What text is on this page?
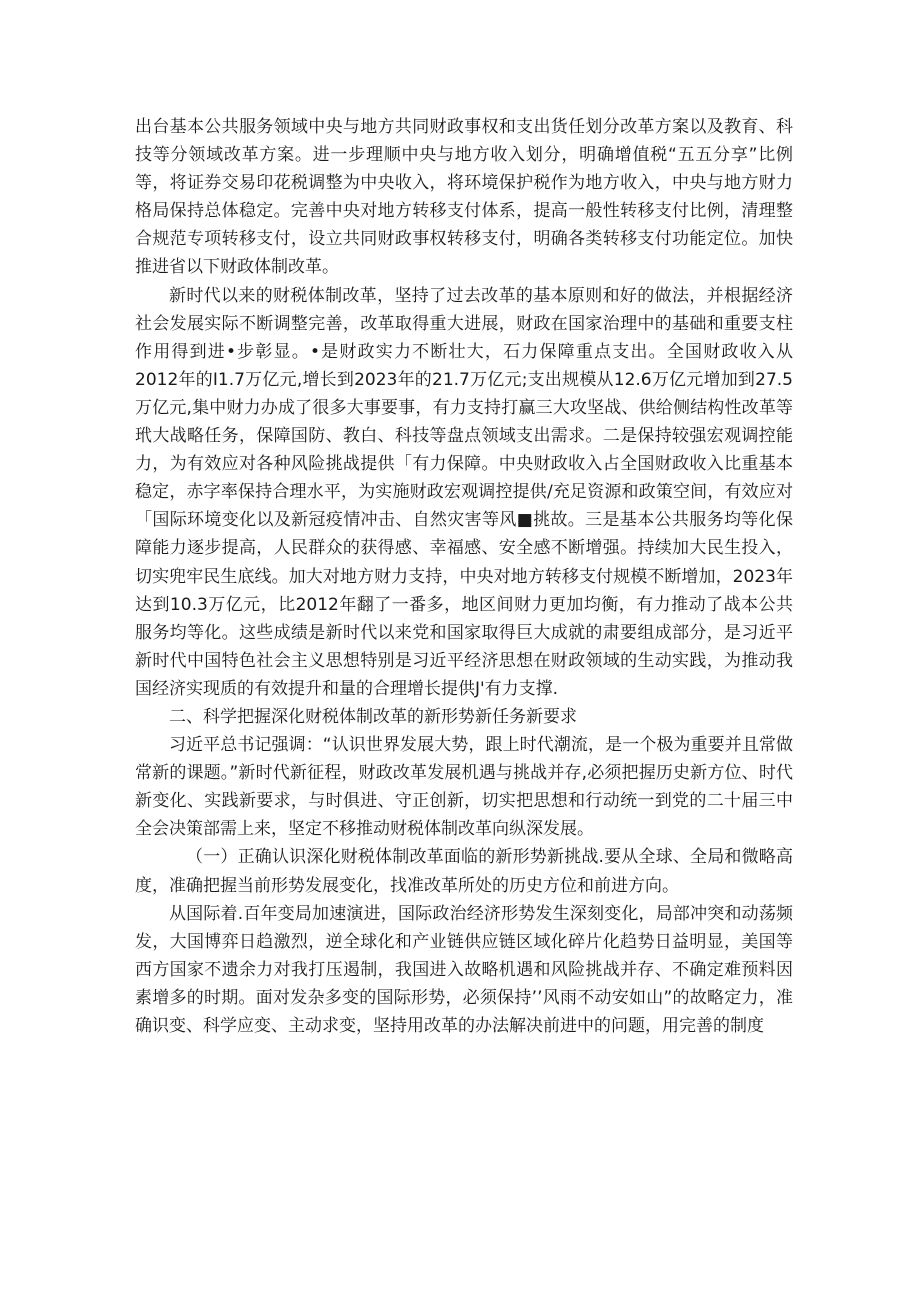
出台基本公共服务领域中央与地方共同财政事权和支出货任划分改革方案以及教育、科技等分领域改革方案。进一步理顺中央与地方收入划分，明确增值税“五五分享”比例等，将证券交易印花税调整为中央收入，将环境保护税作为地方收入，中央与地方财力格局保持总体稳定。完善中央对地方转移支付体系，提高一般性转移支付比例，清理整合规范专项转移支付，设立共同财政事权转移支付，明确各类转移支付功能定位。加快推进省以下财政体制改革。

新时代以来的财税体制改革，坚持了过去改革的基本原则和好的做法，并根据经济社会发展实际不断调整完善，改革取得重大进展，财政在国家治理中的基础和重要支柱作用得到进•步彰显。•是财政实力不断壮大，石力保障重点支出。全国财政收入从2012年的I1.7万亿元,增长到2023年的21.7万亿元;支出规模从12.6万亿元增加到27.5万亿元,集中财力办成了很多大事要事，有力支持打赢三大攻坚战、供给侧结构性改革等玳大战略任务，保障国防、教白、科技等盘点领域支出需求。二是保持较强宏观调控能力，为有效应对各种风险挑战提供「有力保障。中央财政收入占全国财政收入比重基本稳定，赤字率保持合理水平，为实施财政宏观调控提供/充足资源和政策空间，有效应对「国际环境变化以及新冠疫情冲击、自然灾害等风■挑故。三是基本公共服务均等化保障能力逐步提高，人民群众的获得感、幸福感、安全感不断增强。持续加大民生投入，切实兜牢民生底线。加大对地方财力支持，中央对地方转移支付规模不断增加，2023年达到10.3万亿元，比2012年翻了一番多，地区间财力更加均衡，有力推动了战本公共服务均等化。这些成绩是新时代以来党和国家取得巨大成就的肃要组成部分，是习近平新时代中国特色社会主义思想特别是习近平经济思想在财政领域的生动实践，为推动我国经济实现质的有效提升和量的合理增长提供J'有力支撑.

二、科学把握深化财税体制改革的新形势新任务新要求

习近平总书记强调：“认识世界发展大势，跟上时代潮流，是一个极为重要并且常做常新的课题。”新时代新征程，财政改革发展机遇与挑战并存,必须把握历史新方位、时代新变化、实践新要求，与时俱进、守正创新，切实把思想和行动统一到党的二十届三中全会决策部需上来，坚定不移推动财税体制改革向纵深发展。

（一）正确认识深化财税体制改革面临的新形势新挑战.要从全球、全局和微略高度，准确把握当前形势发展变化，找准改革所处的历史方位和前进方向。

从国际着.百年变局加速演进，国际政治经济形势发生深刻变化，局部冲突和动荡频发，大国博弈日趋激烈，逆全球化和产业链供应链区域化碎片化趋势日益明显，美国等西方国家不遗余力对我打压遏制，我国进入故略机遇和风险挑战并存、不确定难预料因素增多的时期。面对发杂多变的国际形势，必须保持’’风雨不动安如山”的故略定力，准确识变、科学应变、主动求变，坚持用改革的办法解决前进中的问题，用完善的制度
